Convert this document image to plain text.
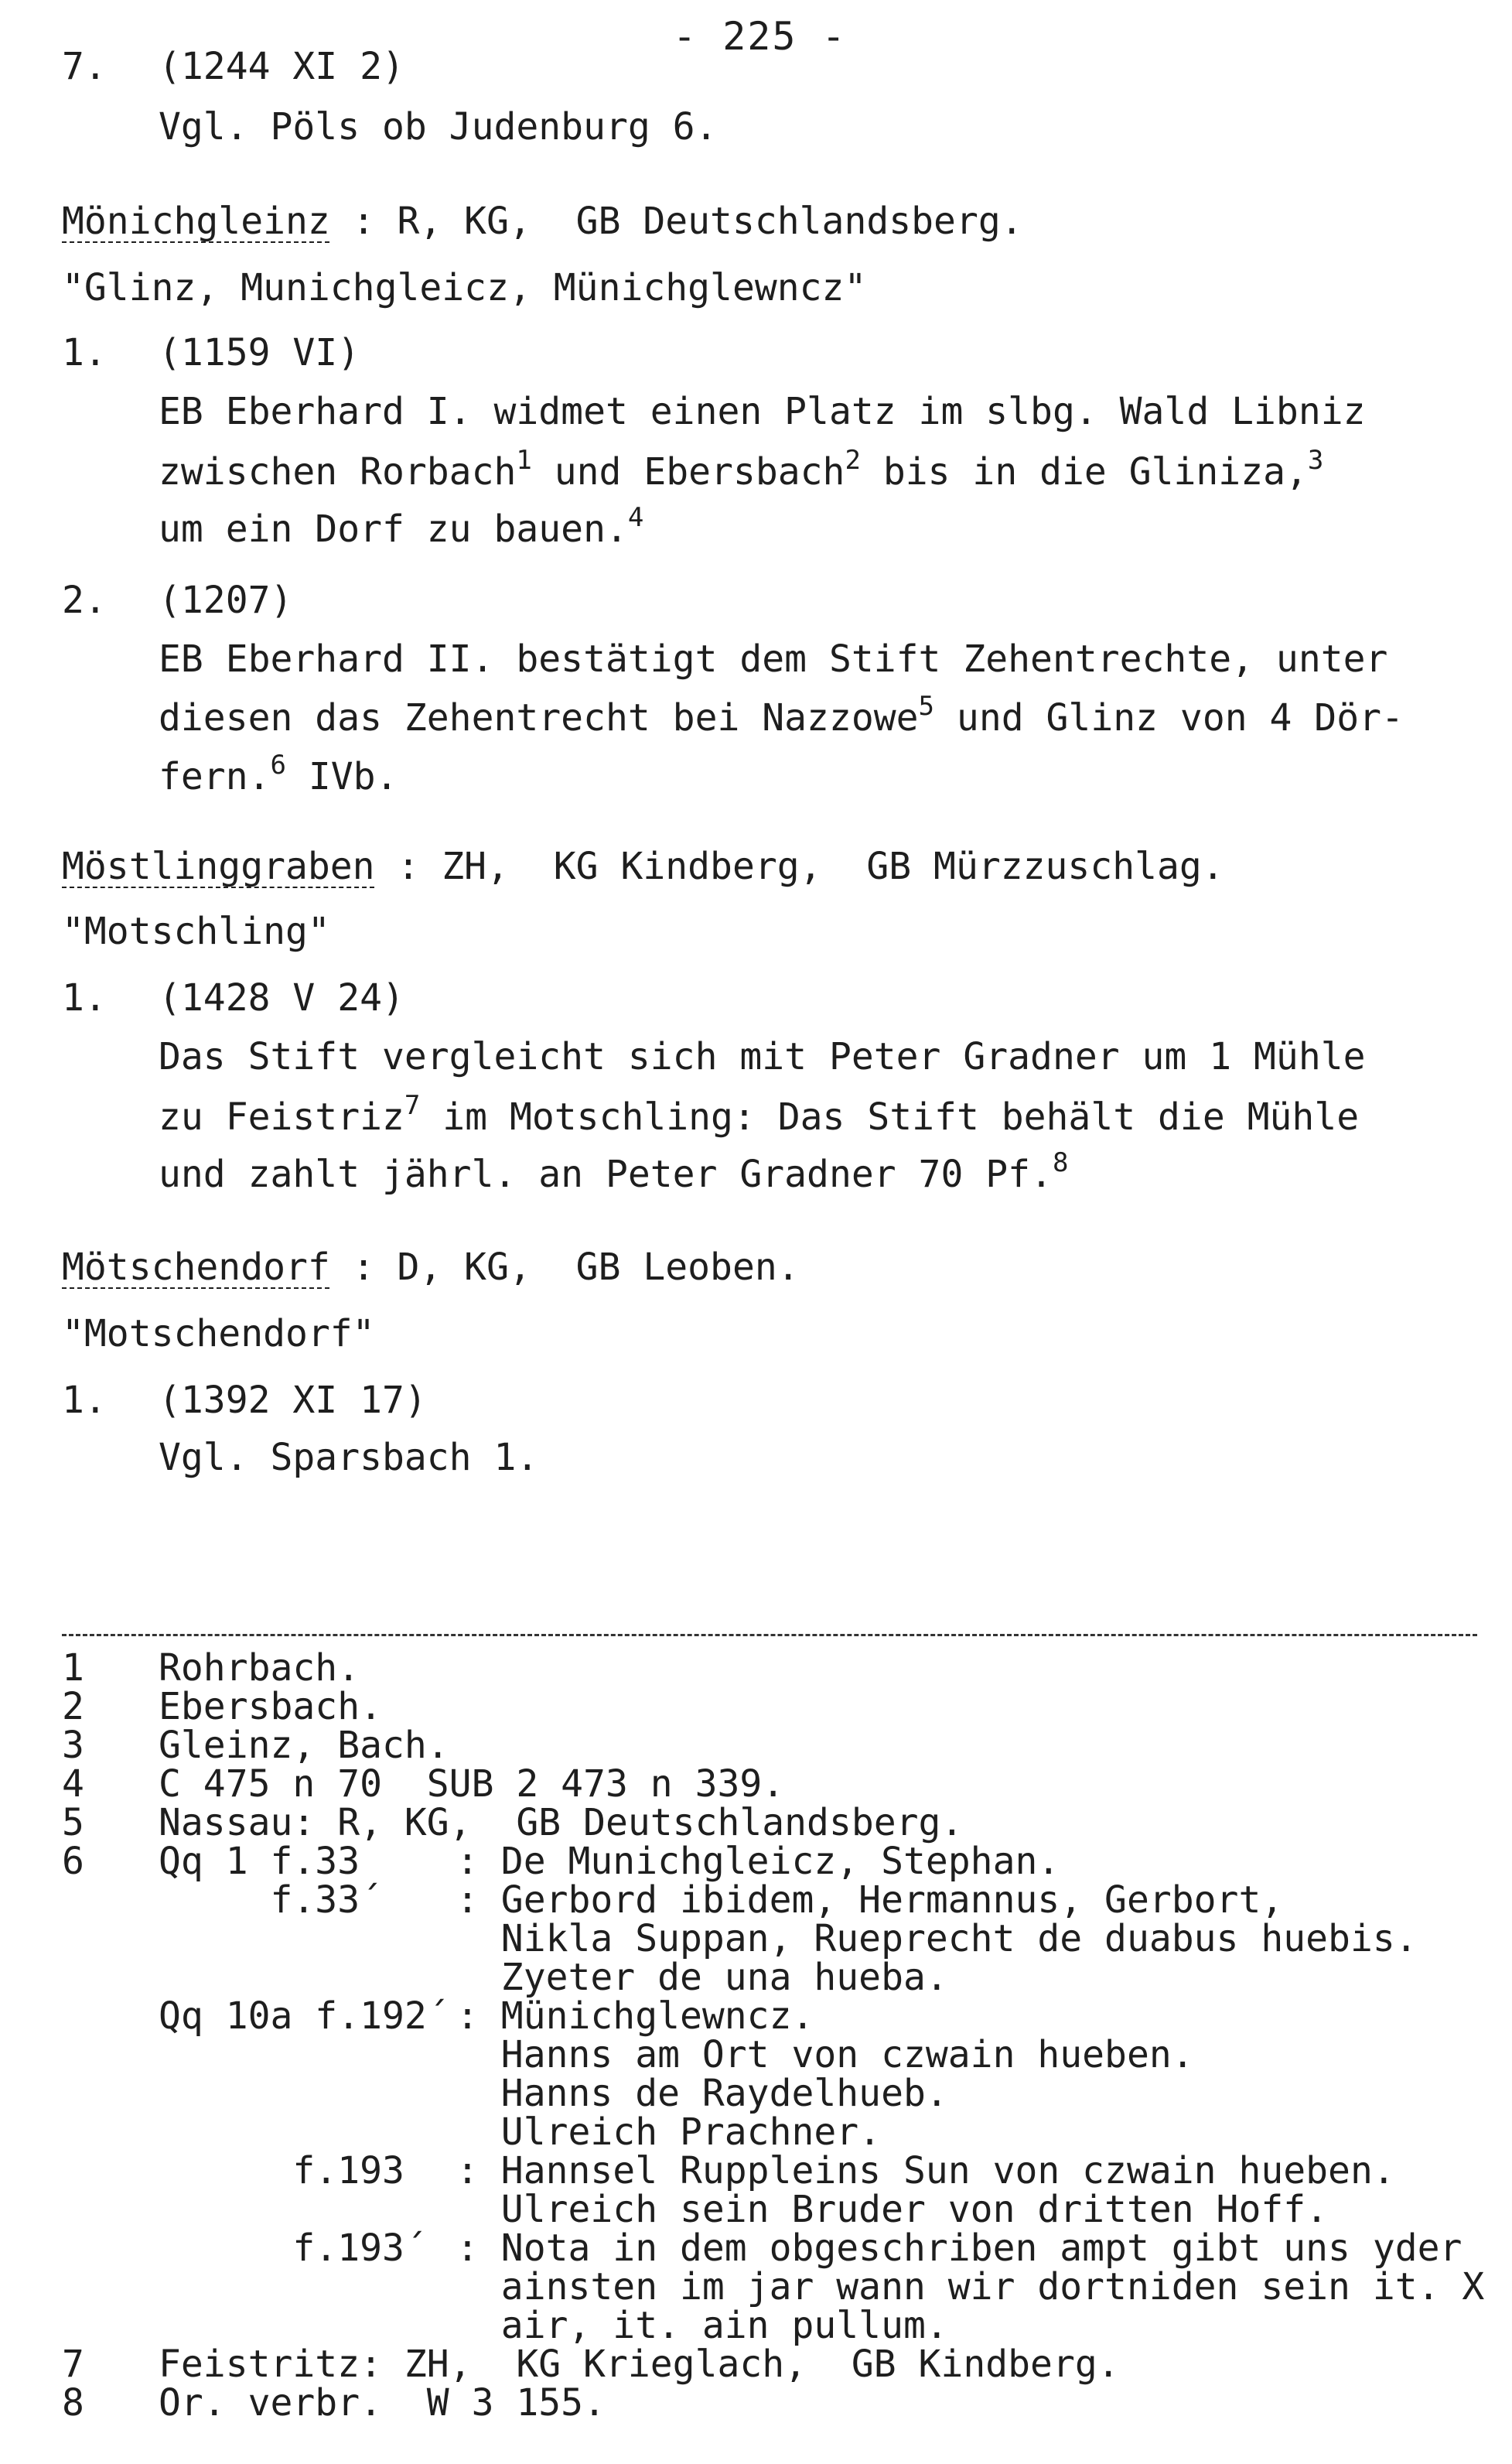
- 225 -
7. (1244 XI 2)
Vgl. Pöls ob Judenburg 6.
Mönichgleinz : R, KG,  GB Deutschlandsberg.
"Glinz, Munichgleicz, Münichglewncz"
1. (1159 VI)
EB Eberhard I. widmet einen Platz im slbg. Wald Libniz
zwischen Rorbach$^1$ und Ebersbach$^2$ bis in die Gliniza,$^3$
um ein Dorf zu bauen.$^4$
2. (1207)
EB Eberhard II. bestätigt dem Stift Zehentrechte, unter
diesen das Zehentrecht bei Nazzowe$^5$ und Glinz von 4 Dör-
fern.$^6$ IVb.
Möstlinggraben : ZH,  KG Kindberg,  GB Mürzzuschlag.
"Motschling"
1. (1428 V 24)
Das Stift vergleicht sich mit Peter Gradner um 1 Mühle
zu Feistriz$^7$ im Motschling: Das Stift behält die Mühle
und zahlt jährl. an Peter Gradner 70 Pf.$^8$
Mötschendorf : D, KG,  GB Leoben.
"Motschendorf"
1. (1392 XI 17)
Vgl. Sparsbach 1.
1 Rohrbach.
2 Ebersbach.
3 Gleinz, Bach.
4 C 475 n 70  SUB 2 473 n 339.
5 Nassau: R, KG,  GB Deutschlandsberg.
6 Qq 1 f.33	: De Munichgleicz, Stephan.
f.33´ : Gerbord ibidem, Hermannus, Gerbort,
Nikla Suppan, Rueprecht de duabus huebis.
Zyeter de una hueba.
Qq 10a f.192´ : Münichglewncz.
Hanns am Ort von czwain hueben.
Hanns de Raydelhueb.
Ulreich Prachner.
f.193 : Hannsel Ruppleins Sun von czwain hueben.
Ulreich sein Bruder von dritten Hoff.
f.193´ : Nota in dem obgeschriben ampt gibt uns yder
ainsten im jar wann wir dortniden sein it. X
air, it. ain pullum.
7 Feistritz: ZH,  KG Krieglach,  GB Kindberg.
8 Or. verbr.  W 3 155.
